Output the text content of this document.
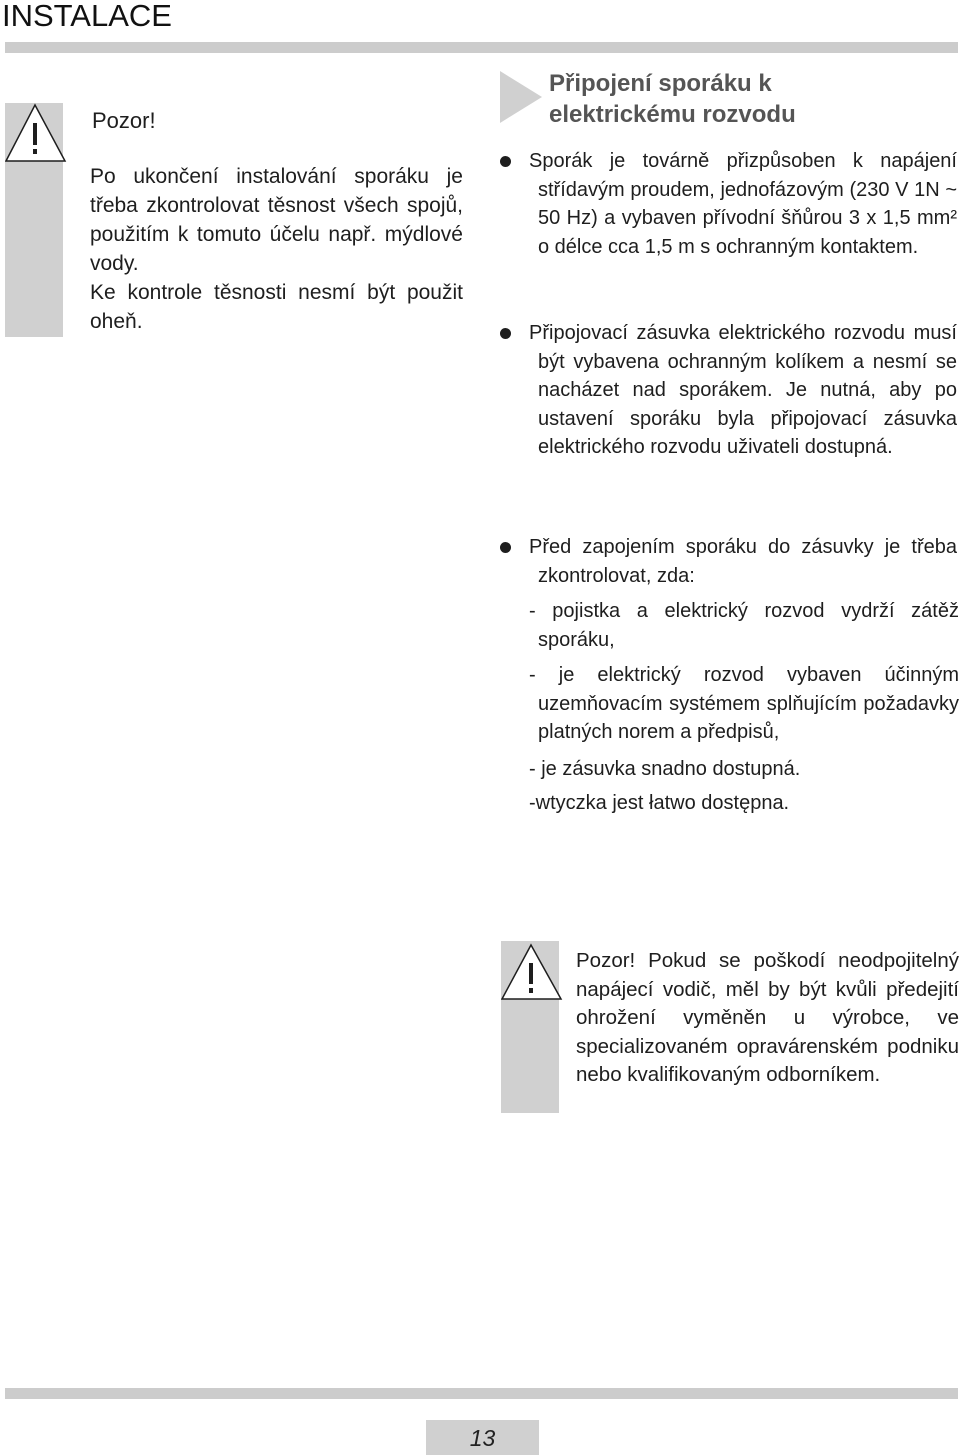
INSTALACE
Pozor!

Po ukončení instalování sporáku je třeba zkontrolovat těsnost všech spojů, použitím k tomuto účelu např. mýdlové vody.

Ke kontrole těsnosti nesmí být použit oheň.

Připojení sporáku k elektrickému rozvodu

Sporák je továrně přizpůsoben k napájení střídavým proudem, jednofázovým (230 V 1N ~ 50 Hz) a vybaven přívodní šňůrou 3 x 1,5 mm² o délce cca 1,5 m s ochranným kontaktem.

Připojovací zásuvka elektrického rozvodu musí být vybavena ochranným kolíkem a nesmí se nacházet nad sporákem. Je nutná, aby po ustavení sporáku byla připojovací zásuvka elektrického rozvodu uživateli dostupná.

Před zapojením sporáku do zásuvky je třeba zkontrolovat, zda:

- pojistka a elektrický rozvod vydrží zátěž sporáku,

- je elektrický rozvod vybaven účinným uzemňovacím systémem splňujícím požadavky platných norem a předpisů,

- je zásuvka snadno dostupná.

-wtyczka jest łatwo dostępna.

Pozor! Pokud se poškodí neodpojitelný napájecí vodič, měl by být kvůli předejití ohrožení vyměněn u výrobce, ve specializovaném opravárenském podniku nebo kvalifikovaným odborníkem.
13
